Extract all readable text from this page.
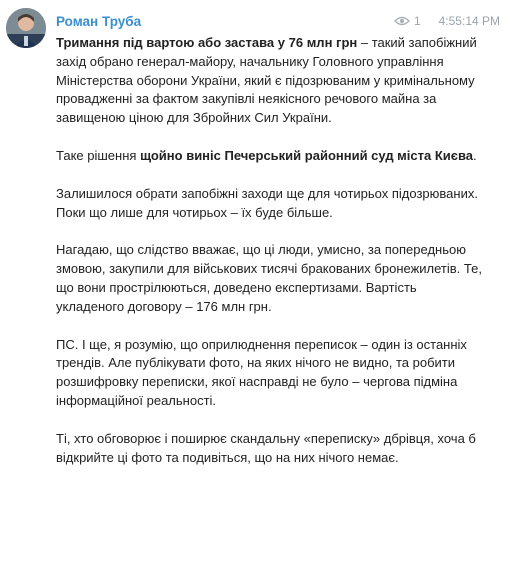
Роман Труба	1 4:55:14 PM

Тримання під вартою або застава у 76 млн грн – такий запобіжний захід обрано генерал-майору, начальнику Головного управління Міністерства оборони України, який є підозрюваним у кримінальному провадженні за фактом закупівлі неякісного речового майна за завищеною ціною для Збройних Сил України.

Таке рішення щойно виніс Печерський районний суд міста Києва.

Залишилося обрати запобіжні заходи ще для чотирьох підозрюваних. Поки що лише для чотирьох – їх буде більше.

Нагадаю, що слідство вважає, що ці люди, умисно, за попередньою змовою, закупили для військових тисячі бракованих бронежилетів. Те, що вони простріл‍юються, доведено експертизами. Вартість укладеного договору – 176 млн грн.

ПС. І ще, я розумію, що оприлюднення переписок – один із останніх трендів. Але публікувати фото, на яких нічого не видно, та робити розшифровку переписки, якої насправді не було – чергова підміна інформаційної реальності.

Ті, хто обговорює і поширює скандальну «переписку» дбрівця, хоча б відкрийте ці фото та подивіться, що на них нічого немає.
